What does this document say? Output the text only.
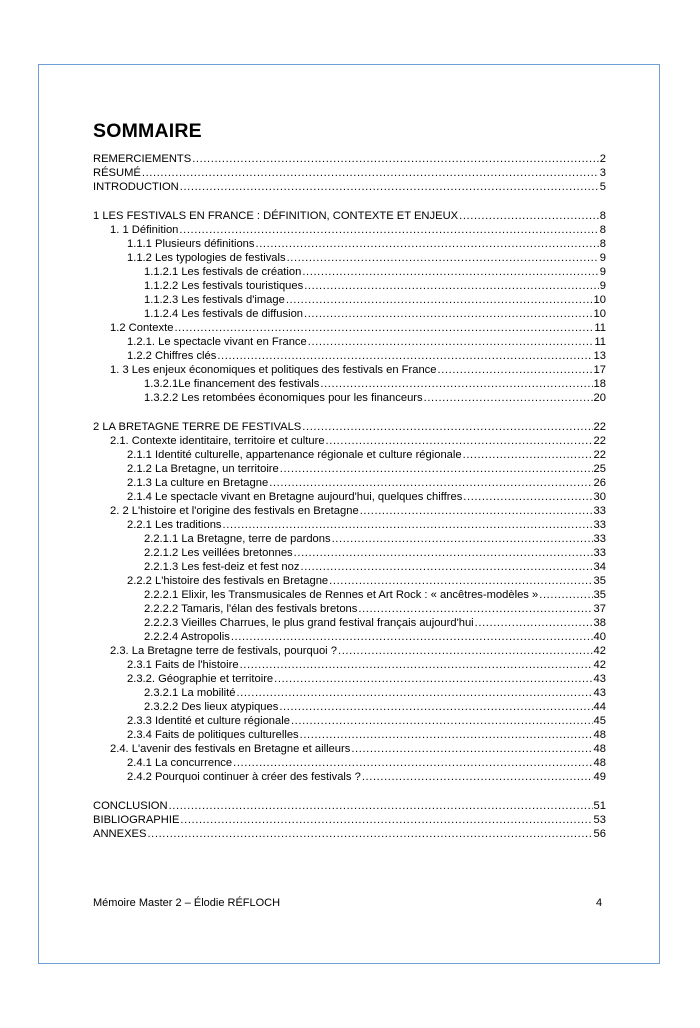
SOMMAIRE
REMERCIEMENTS .....	2
RÉSUMÉ .....	3
INTRODUCTION .....	5
1 LES FESTIVALS EN FRANCE : DÉFINITION, CONTEXTE ET ENJEUX .....	8
1. 1 Définition .....	8
1.1.1 Plusieurs définitions .....	8
1.1.2 Les typologies de festivals .....	9
1.1.2.1 Les festivals de création .....	9
1.1.2.2 Les festivals touristiques .....	9
1.1.2.3 Les festivals d'image .....	10
1.1.2.4 Les festivals de diffusion .....	10
1.2 Contexte .....	11
1.2.1. Le spectacle vivant en France .....	11
1.2.2 Chiffres clés .....	13
1. 3 Les enjeux économiques et politiques des festivals en France .....	17
1.3.2.1Le financement des festivals .....	18
1.3.2.2 Les retombées économiques pour les financeurs .....	20
2 LA BRETAGNE TERRE DE FESTIVALS .....	22
2.1. Contexte identitaire, territoire et culture .....	22
2.1.1 Identité culturelle, appartenance régionale et culture régionale .....	22
2.1.2 La Bretagne, un territoire .....	25
2.1.3 La culture en Bretagne .....	26
2.1.4 Le spectacle vivant en Bretagne aujourd'hui, quelques chiffres .....	30
2. 2 L'histoire et l'origine des festivals en Bretagne .....	33
2.2.1 Les traditions .....	33
2.2.1.1 La Bretagne, terre de pardons .....	33
2.2.1.2 Les veillées bretonnes .....	33
2.2.1.3 Les fest-deiz et fest noz .....	34
2.2.2 L'histoire des festivals en Bretagne .....	35
2.2.2.1 Elixir, les Transmusicales de Rennes et Art Rock : « ancêtres-modèles » .....	35
2.2.2.2 Tamaris, l'élan des festivals bretons .....	37
2.2.2.3 Vieilles Charrues, le plus grand festival français aujourd'hui .....	38
2.2.2.4 Astropolis .....	40
2.3. La Bretagne terre de festivals, pourquoi ? .....	42
2.3.1 Faits de l'histoire .....	42
2.3.2. Géographie et territoire .....	43
2.3.2.1 La mobilité .....	43
2.3.2.2 Des lieux atypiques .....	44
2.3.3 Identité et culture régionale .....	45
2.3.4 Faits de politiques culturelles .....	48
2.4. L'avenir des festivals en Bretagne et ailleurs .....	48
2.4.1 La concurrence .....	48
2.4.2 Pourquoi continuer à créer des festivals ? .....	49
CONCLUSION .....	51
BIBLIOGRAPHIE .....	53
ANNEXES .....	56
Mémoire Master 2 – Élodie RÉFLOCH	4
